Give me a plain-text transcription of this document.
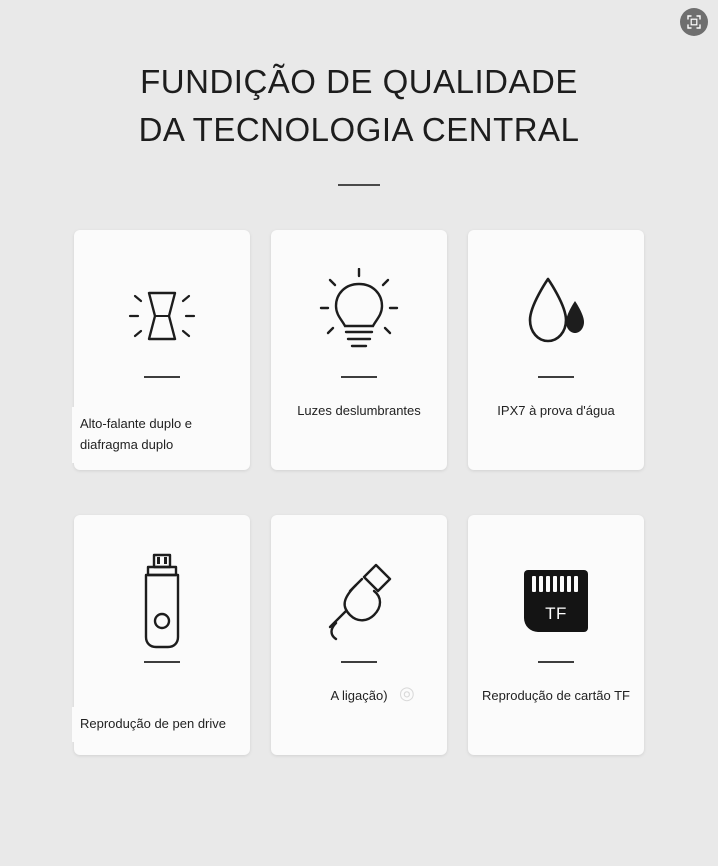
FUNDIÇÃO DE QUALIDADE
DA TECNOLOGIA CENTRAL
Alto-falante duplo e diafragma duplo
Luzes deslumbrantes	IPX7 à prova d'água
Reprodução de pen drive
A ligação) ◎
TF
Reprodução de cartão TF
